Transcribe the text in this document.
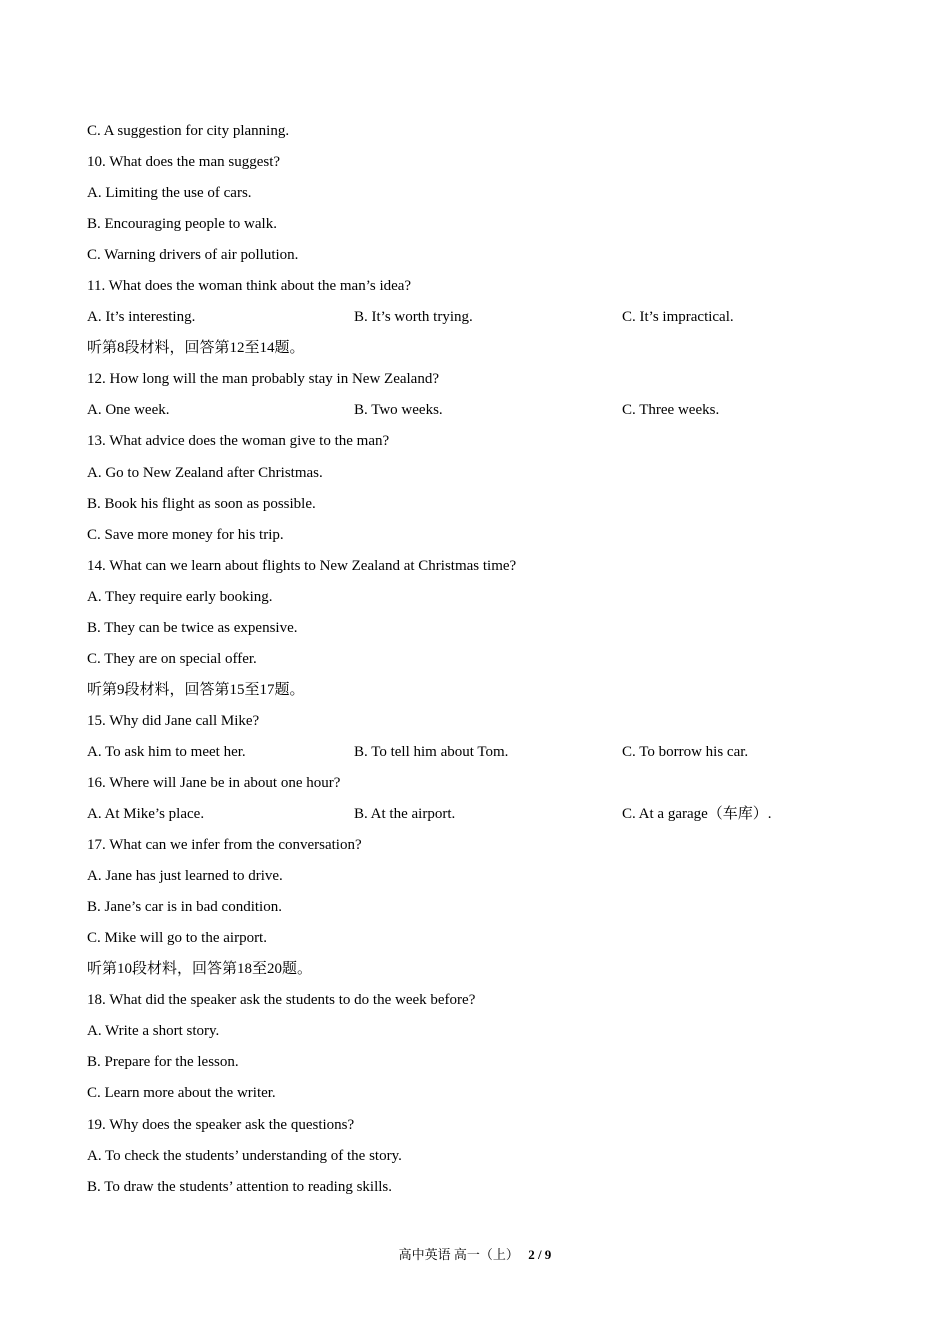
C. A suggestion for city planning.
10. What does the man suggest?
A. Limiting the use of cars.
B. Encouraging people to walk.
C. Warning drivers of air pollution.
11. What does the woman think about the man’s idea?
A. It’s interesting.	B. It’s worth trying.	C. It’s impractical.
听第8段材料，回答第12至14题。
12. How long will the man probably stay in New Zealand?
A. One week.	B. Two weeks.	C. Three weeks.
13. What advice does the woman give to the man?
A. Go to New Zealand after Christmas.
B. Book his flight as soon as possible.
C. Save more money for his trip.
14. What can we learn about flights to New Zealand at Christmas time?
A. They require early booking.
B. They can be twice as expensive.
C. They are on special offer.
听第9段材料，回答第15至17题。
15. Why did Jane call Mike?
A. To ask him to meet her.	B. To tell him about Tom.	C. To borrow his car.
16. Where will Jane be in about one hour?
A. At Mike’s place.	B. At the airport.	C. At a garage（车库）.
17. What can we infer from the conversation?
A. Jane has just learned to drive.
B. Jane’s car is in bad condition.
C. Mike will go to the airport.
听第10段材料，回答第18至20题。
18. What did the speaker ask the students to do the week before?
A. Write a short story.
B. Prepare for the lesson.
C. Learn more about the writer.
19. Why does the speaker ask the questions?
A. To check the students’ understanding of the story.
B. To draw the students’ attention to reading skills.
高中英语 高一（上） 2 / 9
